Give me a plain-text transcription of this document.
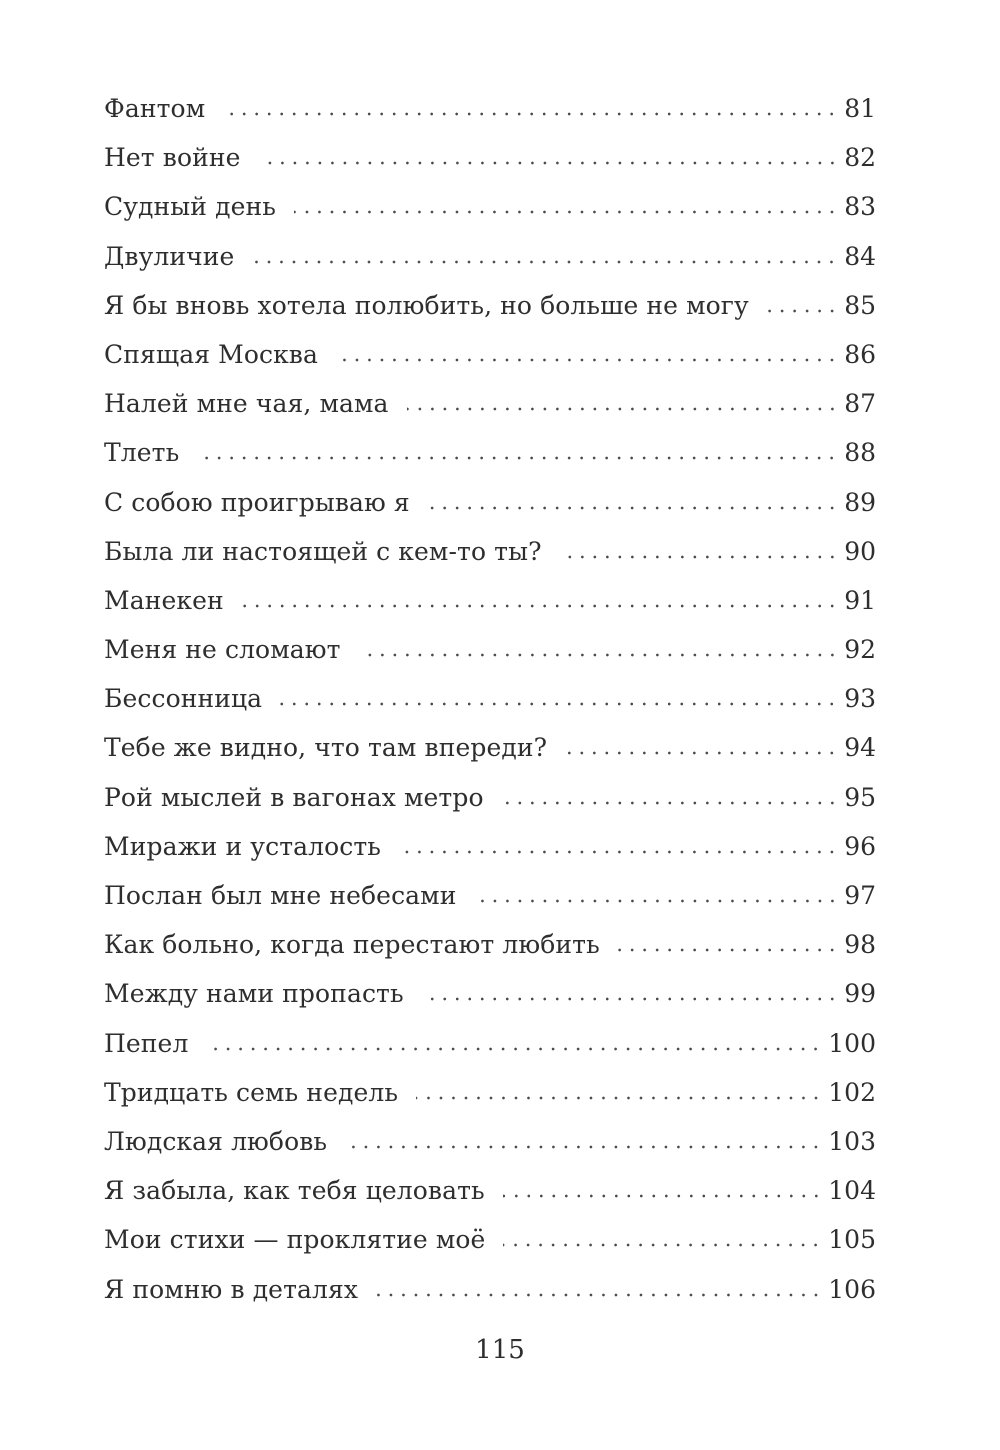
Фантом	81
Нет войне	82
Судный день	83
Двуличие	84
Я бы вновь хотела полюбить, но больше не могу	85
Спящая Москва	86
Налей мне чая, мама	87
Тлеть	88
С собою проигрываю я	89
Была ли настоящей с кем-то ты?	90
Манекен	91
Меня не сломают	92
Бессонница	93
Тебе же видно, что там впереди?	94
Рой мыслей в вагонах метро	95
Миражи и усталость	96
Послан был мне небесами	97
Как больно, когда перестают любить	98
Между нами пропасть	99
Пепел	100
Тридцать семь недель	102
Людская любовь	103
Я забыла, как тебя целовать	104
Мои стихи — проклятие моё	105
Я помню в деталях	106
115
